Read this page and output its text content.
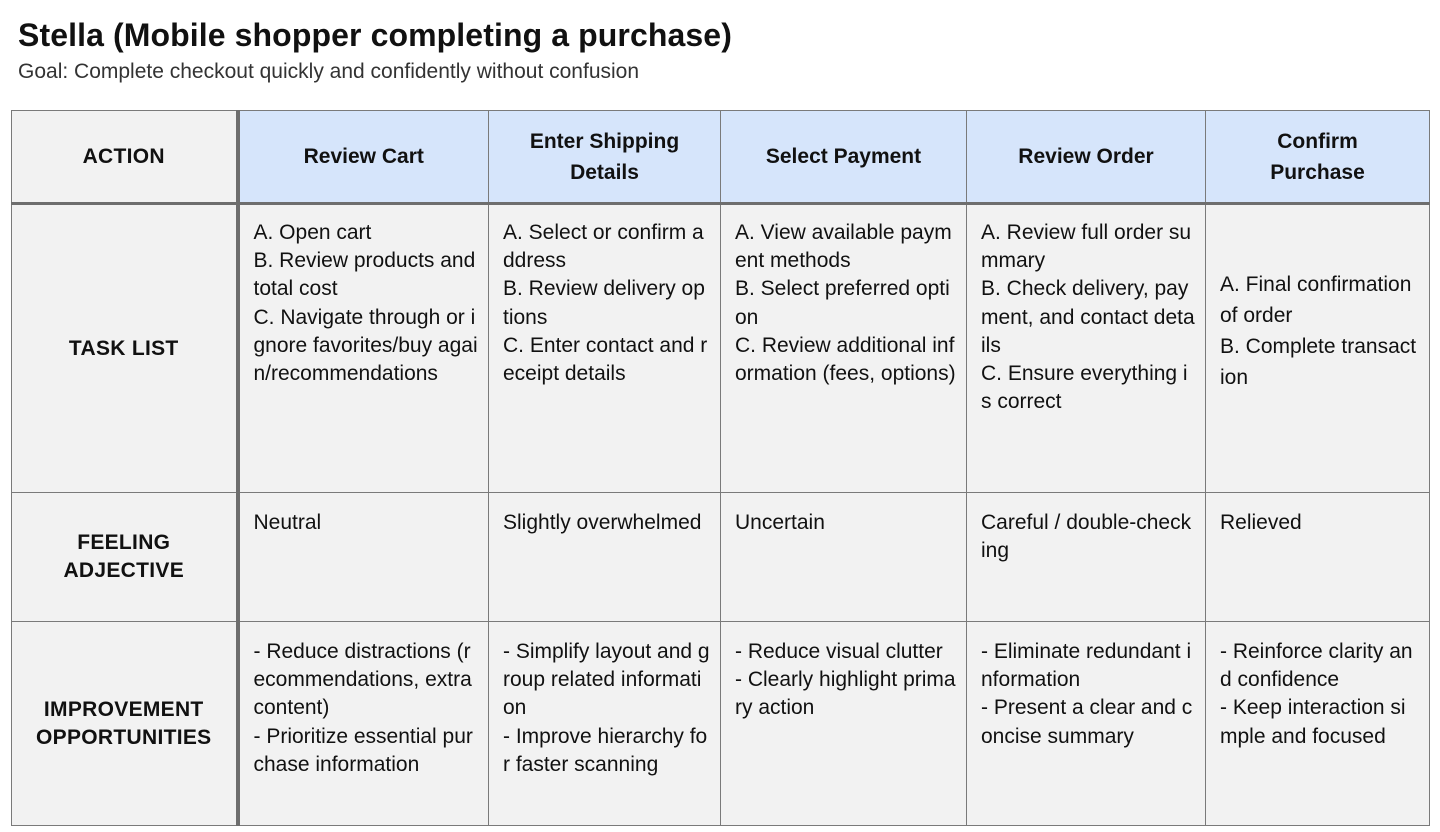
Stella (Mobile shopper completing a purchase)
Goal: Complete checkout quickly and confidently without confusion
ACTION	Review Cart	Enter Shipping Details	Select Payment	Review Order	Confirm Purchase
TASK LIST	A. Open cart
B. Review products and total cost
C. Navigate through or ignore favorites/buy again/recommendations	A. Select or confirm address
B. Review delivery options
C. Enter contact and receipt details	A. View available payment methods
B. Select preferred option
C. Review additional information (fees, options)	A. Review full order summary
B. Check delivery, payment, and contact details
C. Ensure everything is correct	A. Final confirmation of order
B. Complete transaction
FEELING
ADJECTIVE	Neutral	Slightly overwhelmed	Uncertain	Careful / double-checking	Relieved
IMPROVEMENT
OPPORTUNITIES	- Reduce distractions (recommendations, extra content)
- Prioritize essential purchase information	- Simplify layout and group related information
- Improve hierarchy for faster scanning	- Reduce visual clutter
- Clearly highlight primary action	- Eliminate redundant information
- Present a clear and concise summary	- Reinforce clarity and confidence
- Keep interaction simple and focused
